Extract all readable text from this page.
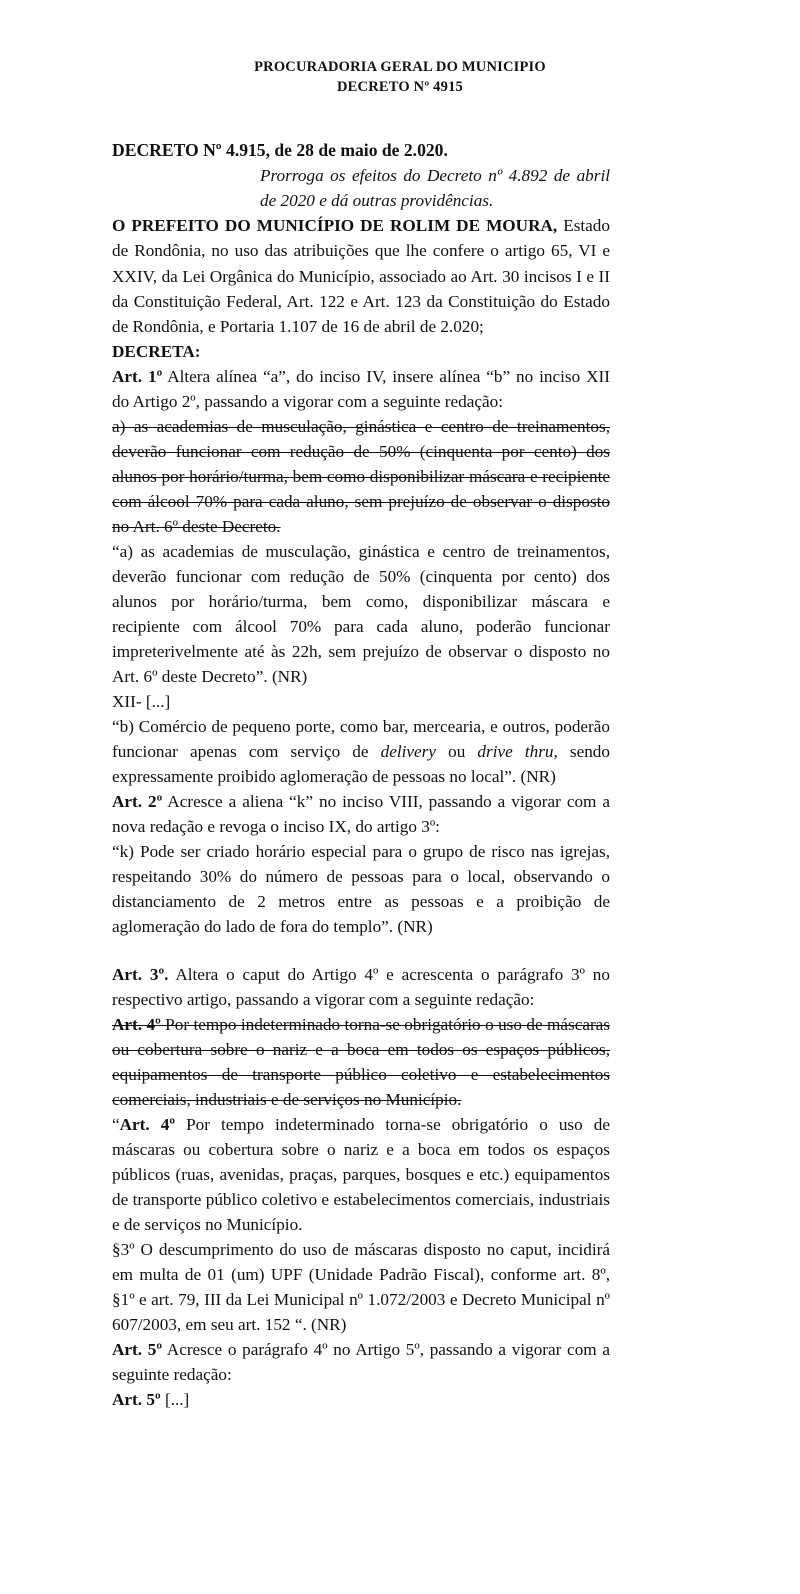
PROCURADORIA GERAL DO MUNICIPIO
DECRETO Nº 4915

DECRETO Nº 4.915, de 28 de maio de 2.020.

Prorroga os efeitos do Decreto nº 4.892 de abril de 2020 e dá outras providências.

O PREFEITO DO MUNICÍPIO DE ROLIM DE MOURA, Estado de Rondônia, no uso das atribuições que lhe confere o artigo 65, VI e XXIV, da Lei Orgânica do Município, associado ao Art. 30 incisos I e II da Constituição Federal, Art. 122 e Art. 123 da Constituição do Estado de Rondônia, e Portaria 1.107 de 16 de abril de 2.020;

DECRETA:

Art. 1º Altera alínea “a”, do inciso IV, insere alínea “b” no inciso XII do Artigo 2º, passando a vigorar com a seguinte redação:

a) as academias de musculação, ginástica e centro de treinamentos, deverão funcionar com redução de 50% (cinquenta por cento) dos alunos por horário/turma, bem como disponibilizar máscara e recipiente com álcool 70% para cada aluno, sem prejuízo de observar o disposto no Art. 6º deste Decreto.

“a) as academias de musculação, ginástica e centro de treinamentos, deverão funcionar com redução de 50% (cinquenta por cento) dos alunos por horário/turma, bem como, disponibilizar máscara e recipiente com álcool 70% para cada aluno, poderão funcionar impreterivelmente até às 22h, sem prejuízo de observar o disposto no Art. 6º deste Decreto”. (NR)

XII- [...]

“b) Comércio de pequeno porte, como bar, mercearia, e outros, poderão funcionar apenas com serviço de delivery ou drive thru, sendo expressamente proibido aglomeração de pessoas no local”. (NR)

Art. 2º Acresce a aliena “k” no inciso VIII, passando a vigorar com a nova redação e revoga o inciso IX, do artigo 3º:

“k) Pode ser criado horário especial para o grupo de risco nas igrejas, respeitando 30% do número de pessoas para o local, observando o distanciamento de 2 metros entre as pessoas e a proibição de aglomeração do lado de fora do templo”. (NR)

Art. 3º. Altera o caput do Artigo 4º e acrescenta o parágrafo 3º no respectivo artigo, passando a vigorar com a seguinte redação:

Art. 4º Por tempo indeterminado torna-se obrigatório o uso de máscaras ou cobertura sobre o nariz e a boca em todos os espaços públicos, equipamentos de transporte público coletivo e estabelecimentos comerciais, industriais e de serviços no Município.

“Art. 4º Por tempo indeterminado torna-se obrigatório o uso de máscaras ou cobertura sobre o nariz e a boca em todos os espaços públicos (ruas, avenidas, praças, parques, bosques e etc.) equipamentos de transporte público coletivo e estabelecimentos comerciais, industriais e de serviços no Município.

§3º O descumprimento do uso de máscaras disposto no caput, incidirá em multa de 01 (um) UPF (Unidade Padrão Fiscal), conforme art. 8º, §1º e art. 79, III da Lei Municipal nº 1.072/2003 e Decreto Municipal nº 607/2003, em seu art. 152 “. (NR)

Art. 5º Acresce o parágrafo 4º no Artigo 5º, passando a vigorar com a seguinte redação:

Art. 5º [...]
